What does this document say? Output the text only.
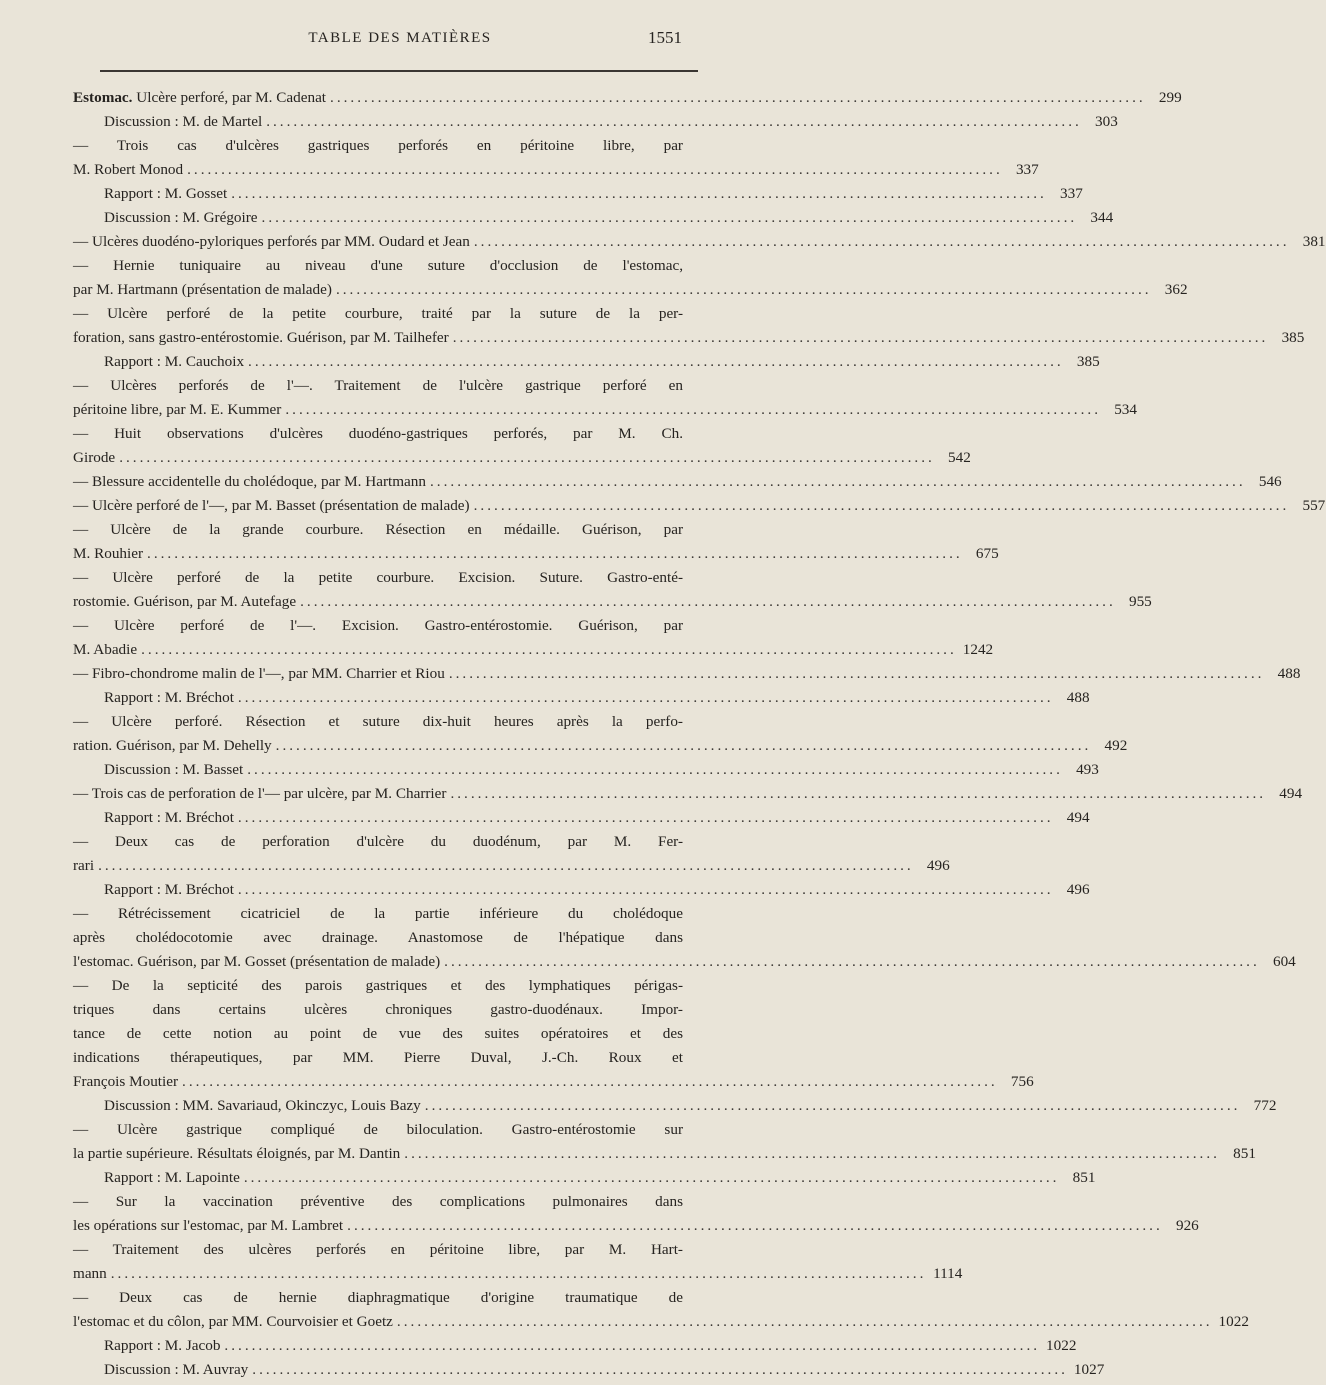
TABLE DES MATIÈRES	1551
Estomac. Ulcère perforé, par M. Cadenat ........................................................................................................................ 299
Discussion : M. de Martel ........................................................................................................................ 303
— Trois cas d'ulcères gastriques perforés en péritoine libre, par
M. Robert Monod ........................................................................................................................ 337
Rapport : M. Gosset ........................................................................................................................ 337
Discussion : M. Grégoire ........................................................................................................................ 344
— Ulcères duodéno-pyloriques perforés par MM. Oudard et Jean ........................................................................................................................ 381
— Hernie tuniquaire au niveau d'une suture d'occlusion de l'estomac,
par M. Hartmann (présentation de malade) ........................................................................................................................ 362
— Ulcère perforé de la petite courbure, traité par la suture de la per-
foration, sans gastro-entérostomie. Guérison, par M. Tailhefer ........................................................................................................................ 385
Rapport : M. Cauchoix ........................................................................................................................ 385
— Ulcères perforés de l'—. Traitement de l'ulcère gastrique perforé en
péritoine libre, par M. E. Kummer ........................................................................................................................ 534
— Huit observations d'ulcères duodéno-gastriques perforés, par M. Ch.
Girode ........................................................................................................................ 542
— Blessure accidentelle du cholédoque, par M. Hartmann ........................................................................................................................ 546
— Ulcère perforé de l'—, par M. Basset (présentation de malade) ........................................................................................................................ 557
— Ulcère de la grande courbure. Résection en médaille. Guérison, par
M. Rouhier ........................................................................................................................ 675
— Ulcère perforé de la petite courbure. Excision. Suture. Gastro-enté-
rostomie. Guérison, par M. Autefage ........................................................................................................................ 955
— Ulcère perforé de l'—. Excision. Gastro-entérostomie. Guérison, par
M. Abadie ........................................................................................................................ 1242
— Fibro-chondrome malin de l'—, par MM. Charrier et Riou ........................................................................................................................ 488
Rapport : M. Bréchot ........................................................................................................................ 488
— Ulcère perforé. Résection et suture dix-huit heures après la perfo-
ration. Guérison, par M. Dehelly ........................................................................................................................ 492
Discussion : M. Basset ........................................................................................................................ 493
— Trois cas de perforation de l'— par ulcère, par M. Charrier ........................................................................................................................ 494
Rapport : M. Bréchot ........................................................................................................................ 494
— Deux cas de perforation d'ulcère du duodénum, par M. Fer-
rari ........................................................................................................................ 496
Rapport : M. Bréchot ........................................................................................................................ 496
— Rétrécissement cicatriciel de la partie inférieure du cholédoque
après cholédocotomie avec drainage. Anastomose de l'hépatique dans
l'estomac. Guérison, par M. Gosset (présentation de malade) ........................................................................................................................ 604
— De la septicité des parois gastriques et des lymphatiques périgas-
triques dans certains ulcères chroniques gastro-duodénaux. Impor-
tance de cette notion au point de vue des suites opératoires et des
indications thérapeutiques, par MM. Pierre Duval, J.-Ch. Roux et
François Moutier ........................................................................................................................ 756
Discussion : MM. Savariaud, Okinczyc, Louis Bazy ........................................................................................................................ 772
— Ulcère gastrique compliqué de biloculation. Gastro-entérostomie sur
la partie supérieure. Résultats éloignés, par M. Dantin ........................................................................................................................ 851
Rapport : M. Lapointe ........................................................................................................................ 851
— Sur la vaccination préventive des complications pulmonaires dans
les opérations sur l'estomac, par M. Lambret ........................................................................................................................ 926
— Traitement des ulcères perforés en péritoine libre, par M. Hart-
mann ........................................................................................................................ 1114
— Deux cas de hernie diaphragmatique d'origine traumatique de
l'estomac et du côlon, par MM. Courvoisier et Goetz ........................................................................................................................ 1022
Rapport : M. Jacob ........................................................................................................................ 1022
Discussion : M. Auvray ........................................................................................................................ 1027
